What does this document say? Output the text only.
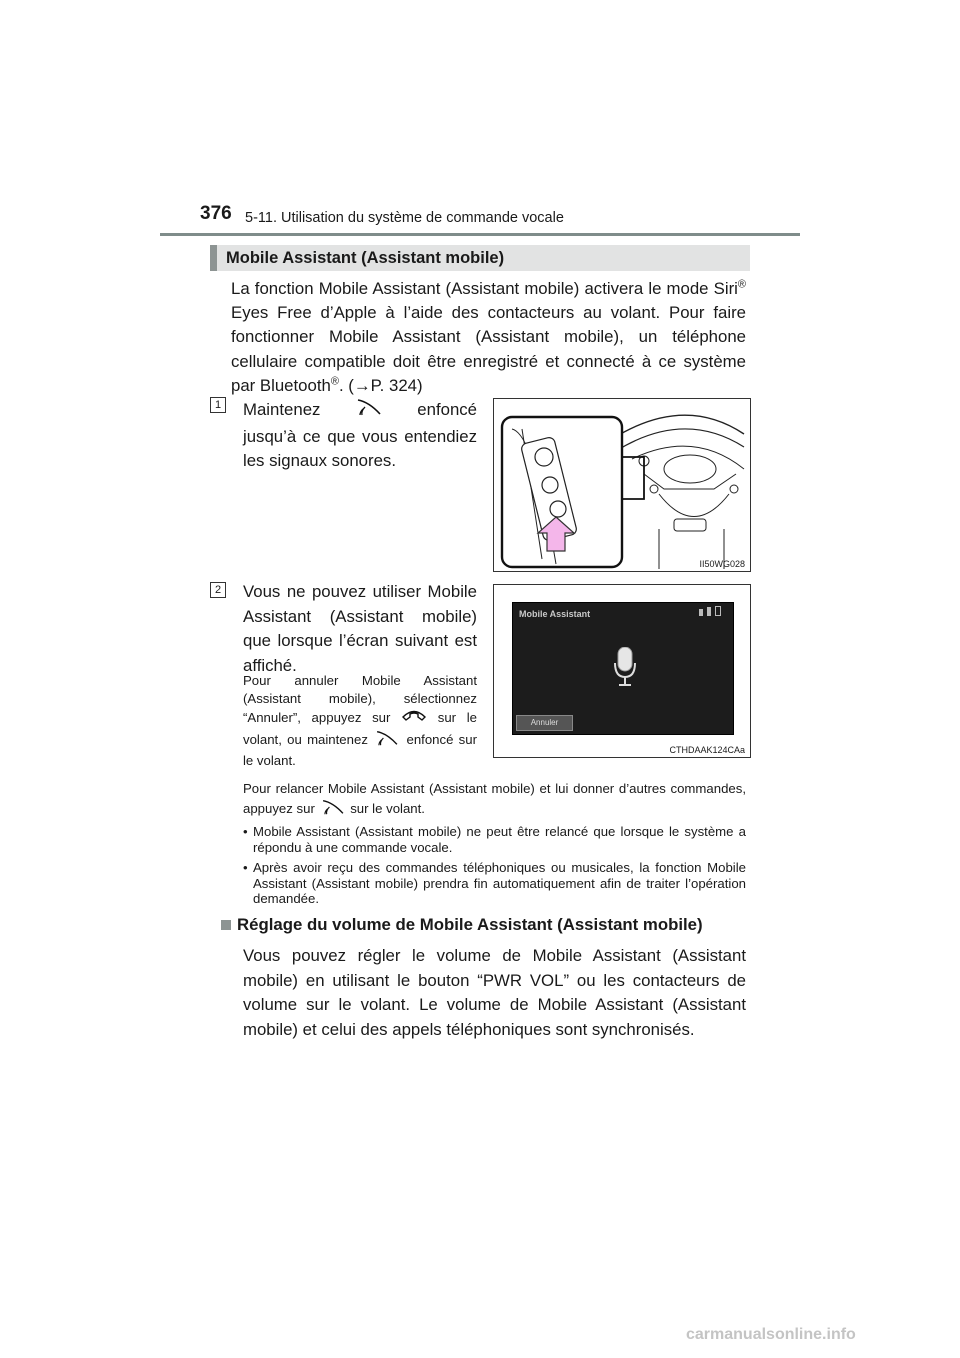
376 5-11. Utilisation du système de commande vocale
Mobile Assistant (Assistant mobile)
La fonction Mobile Assistant (Assistant mobile) activera le mode Siri® Eyes Free d’Apple à l’aide des contacteurs au volant. Pour faire fonctionner Mobile Assistant (Assistant mobile), un téléphone cellulaire compatible doit être enregistré et connecté à ce système par Bluetooth®. (→P. 324)
1 Maintenez	enfoncé jusqu’à ce que vous entendiez les signaux sonores.
II50WG028
2 Vous ne pouvez utiliser Mobile Assistant (Assistant mobile) que lorsque l’écran suivant est affiché.
Mobile Assistant
Annuler
CTHDAAK124CAa
Pour annuler Mobile Assistant (Assistant mobile), sélectionnez “Annuler”, appuyez sur	sur le volant, ou maintenez	enfoncé sur le volant.
Pour relancer Mobile Assistant (Assistant mobile) et lui donner d’autres commandes, appuyez sur	sur le volant.
• Mobile Assistant (Assistant mobile) ne peut être relancé que lorsque le système a répondu à une commande vocale.
• Après avoir reçu des commandes téléphoniques ou musicales, la fonction Mobile Assistant (Assistant mobile) prendra fin automatiquement afin de traiter l’opération demandée.
Réglage du volume de Mobile Assistant (Assistant mobile)
Vous pouvez régler le volume de Mobile Assistant (Assistant mobile) en utilisant le bouton “PWR VOL” ou les contacteurs de volume sur le volant. Le volume de Mobile Assistant (Assistant mobile) et celui des appels téléphoniques sont synchronisés.
carmanualsonline.info
